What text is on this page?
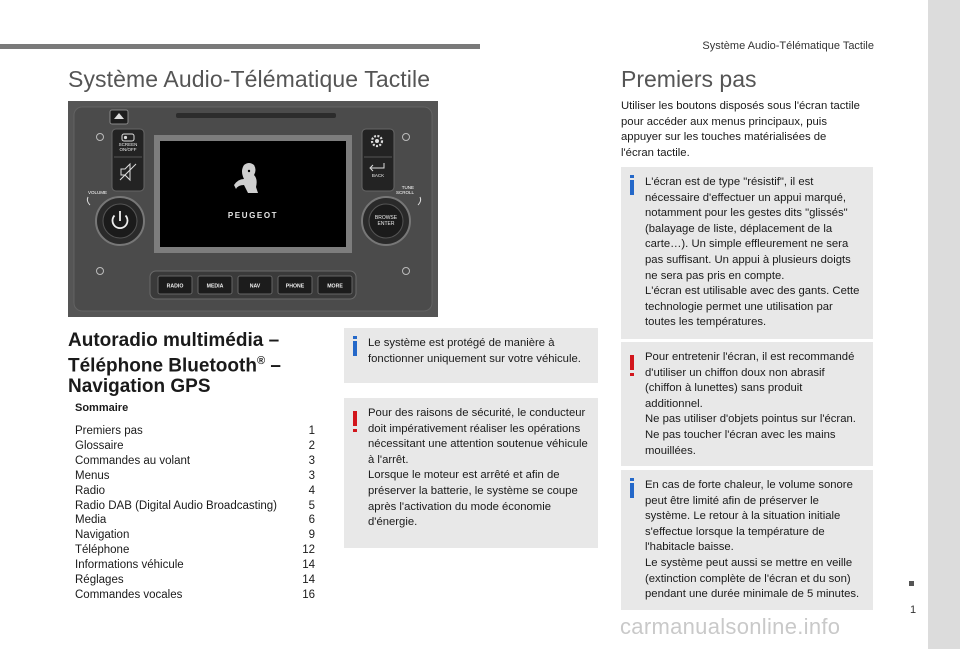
1
Système Audio-Télématique Tactile
Système Audio-Télématique Tactile	Premiers pas
SCREEN
ON/OFF
BACK
PEUGEOT
VOLUME
TUNE
SCROLL
BROWSE
ENTER
RADIO	MEDIA	NAV	PHONE	MORE
Autoradio multimédia –
Téléphone Bluetooth® –
Navigation GPS
Sommaire
Premiers pas	1
Glossaire	2
Commandes au volant	3
Menus	3
Radio	4
Radio DAB (Digital Audio Broadcasting)	5
Media	6
Navigation	9
Téléphone	12
Informations véhicule	14
Réglages	14
Commandes vocales	16

Le système est protégé de manière à fonctionner uniquement sur votre véhicule.

Pour des raisons de sécurité, le conducteur doit impérativement réaliser les opérations nécessitant une attention soutenue véhicule à l'arrêt.
Lorsque le moteur est arrêté et afin de préserver la batterie, le système se coupe après l'activation du mode économie d'énergie.

Utiliser les boutons disposés sous l'écran tactile pour accéder aux menus principaux, puis appuyer sur les touches matérialisées de l'écran tactile.

L'écran est de type "résistif", il est nécessaire d'effectuer un appui marqué, notamment pour les gestes dits "glissés" (balayage de liste, déplacement de la carte…). Un simple effleurement ne sera pas suffisant. Un appui à plusieurs doigts ne sera pas pris en compte.
L'écran est utilisable avec des gants. Cette technologie permet une utilisation par toutes les températures.

Pour entretenir l'écran, il est recommandé d'utiliser un chiffon doux non abrasif (chiffon à lunettes) sans produit additionnel.
Ne pas utiliser d'objets pointus sur l'écran.
Ne pas toucher l'écran avec les mains mouillées.

En cas de forte chaleur, le volume sonore peut être limité afin de préserver le système. Le retour à la situation initiale s'effectue lorsque la température de l'habitacle baisse.
Le système peut aussi se mettre en veille (extinction complète de l'écran et du son) pendant une durée minimale de 5 minutes.

carmanualsonline.info
